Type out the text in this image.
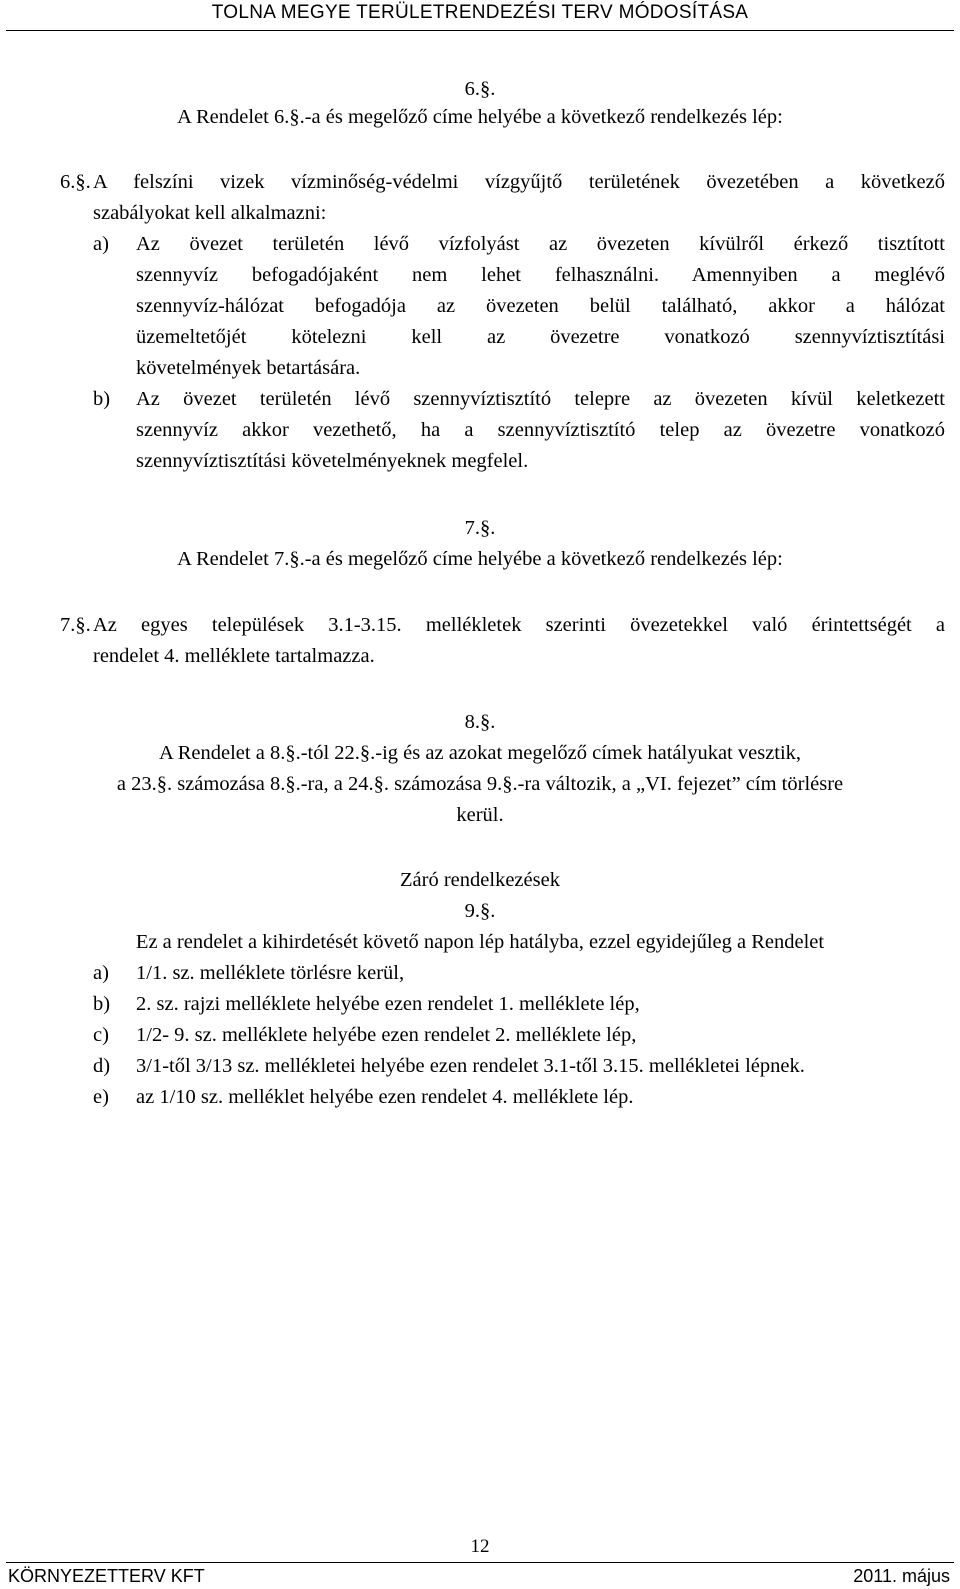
TOLNA MEGYE TERÜLETRENDEZÉSI TERV MÓDOSÍTÁSA
6.§.
A Rendelet 6.§.-a és megelőző címe helyébe a következő rendelkezés lép:
6.§. A felszíni vizek vízminőség-védelmi vízgyűjtő területének övezetében a következő
szabályokat kell alkalmazni:
a) Az övezet területén lévő vízfolyást az övezeten kívülről érkező tisztított
szennyvíz befogadójaként nem lehet felhasználni. Amennyiben a meglévő
szennyvíz-hálózat befogadója az övezeten belül található, akkor a hálózat
üzemeltetőjét kötelezni kell az övezetre vonatkozó szennyvíztisztítási
követelmények betartására.
b) Az övezet területén lévő szennyvíztisztító telepre az övezeten kívül keletkezett
szennyvíz akkor vezethető, ha a szennyvíztisztító telep az övezetre vonatkozó
szennyvíztisztítási követelményeknek megfelel.
7.§.
A Rendelet 7.§.-a és megelőző címe helyébe a következő rendelkezés lép:
7.§. Az egyes települések 3.1-3.15. mellékletek szerinti övezetekkel való érintettségét a
rendelet 4. melléklete tartalmazza.
8.§.
A Rendelet a 8.§.-tól 22.§.-ig és az azokat megelőző címek hatályukat vesztik,
a 23.§. számozása 8.§.-ra, a 24.§. számozása 9.§.-ra változik, a „VI. fejezet” cím törlésre
kerül.
Záró rendelkezések
9.§.
Ez a rendelet a kihirdetését követő napon lép hatályba, ezzel egyidejűleg a Rendelet
a) 1/1. sz. melléklete törlésre kerül,
b) 2. sz. rajzi melléklete helyébe ezen rendelet 1. melléklete lép,
c) 1/2- 9. sz. melléklete helyébe ezen rendelet 2. melléklete lép,
d) 3/1-től 3/13 sz. mellékletei helyébe ezen rendelet 3.1-től 3.15. mellékletei lépnek.
e) az 1/10 sz. melléklet helyébe ezen rendelet 4. melléklete lép.
12
KÖRNYEZETTERV KFT	2011. május
